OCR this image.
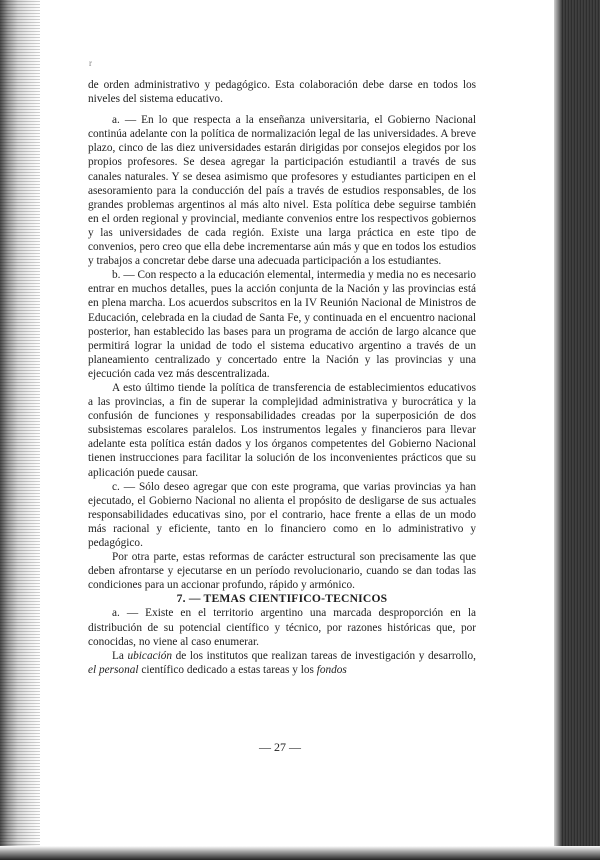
r

de orden administrativo y pedagógico. Esta colaboración debe darse en todos los niveles del sistema educativo.

a. — En lo que respecta a la enseñanza universitaria, el Gobierno Nacional continúa adelante con la política de normalización legal de las universidades. A breve plazo, cinco de las diez universidades estarán dirigidas por consejos elegidos por los propios profesores. Se desea agregar la participación estudiantil a través de sus canales naturales. Y se desea asimismo que profesores y estudiantes participen en el asesoramiento para la conducción del país a través de estudios responsables, de los grandes problemas argentinos al más alto nivel. Esta política debe seguirse también en el orden regional y provincial, mediante convenios entre los respectivos gobiernos y las universidades de cada región. Existe una larga práctica en este tipo de convenios, pero creo que ella debe incrementarse aún más y que en todos los estudios y trabajos a concretar debe darse una adecuada participación a los estudiantes.

b. — Con respecto a la educación elemental, intermedia y media no es necesario entrar en muchos detalles, pues la acción conjunta de la Nación y las provincias está en plena marcha. Los acuerdos subscritos en la IV Reunión Nacional de Ministros de Educación, celebrada en la ciudad de Santa Fe, y continuada en el encuentro nacional posterior, han establecido las bases para un programa de acción de largo alcance que permitirá lograr la unidad de todo el sistema educativo argentino a través de un planeamiento centralizado y concertado entre la Nación y las provincias y una ejecución cada vez más descentralizada.

A esto último tiende la política de transferencia de establecimientos educativos a las provincias, a fin de superar la complejidad administrativa y burocrática y la confusión de funciones y responsabilidades creadas por la superposición de dos subsistemas escolares paralelos. Los instrumentos legales y financieros para llevar adelante esta política están dados y los órganos competentes del Gobierno Nacional tienen instrucciones para facilitar la solución de los inconvenientes prácticos que su aplicación puede causar.

c. — Sólo deseo agregar que con este programa, que varias provincias ya han ejecutado, el Gobierno Nacional no alienta el propósito de desligarse de sus actuales responsabilidades educativas sino, por el contrario, hace frente a ellas de un modo más racional y eficiente, tanto en lo financiero como en lo administrativo y pedagógico.

Por otra parte, estas reformas de carácter estructural son precisamente las que deben afrontarse y ejecutarse en un período revolucionario, cuando se dan todas las condiciones para un accionar profundo, rápido y armónico.

7. — TEMAS CIENTIFICO-TECNICOS

a. — Existe en el territorio argentino una marcada desproporción en la distribución de su potencial científico y técnico, por razones históricas que, por conocidas, no viene al caso enumerar.

La ubicación de los institutos que realizan tareas de investigación y desarrollo, el personal científico dedicado a estas tareas y los fondos

— 27 —
